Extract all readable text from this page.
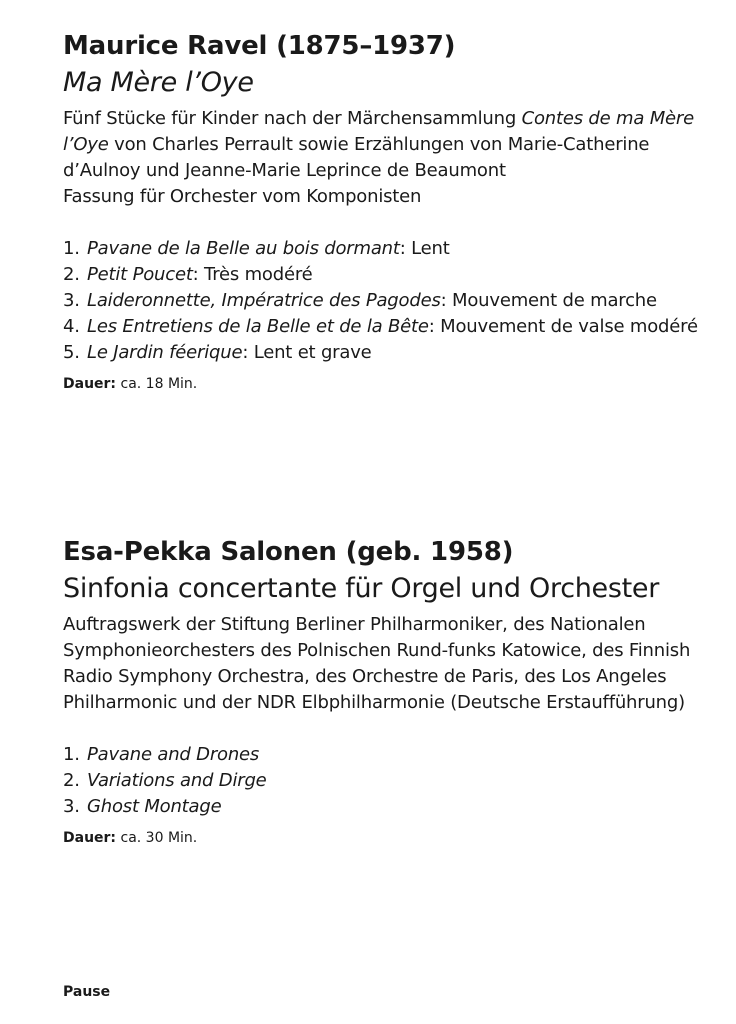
Maurice Ravel (1875–1937)
Ma Mère l’Oye

Fünf Stücke für Kinder nach der Märchensammlung Contes de ma Mère l’Oye von Charles Perrault sowie Erzählungen von Marie-Catherine d’Aulnoy und Jeanne-Marie Leprince de Beaumont
Fassung für Orchester vom Komponisten

1. Pavane de la Belle au bois dormant: Lent
2. Petit Poucet: Très modéré
3. Laideronnette, Impératrice des Pagodes: Mouvement de marche
4. Les Entretiens de la Belle et de la Bête: Mouvement de valse modéré
5. Le Jardin féerique: Lent et grave

Dauer: ca. 18 Min.

Esa-Pekka Salonen (geb. 1958)
Sinfonia concertante für Orgel und Orchester

Auftragswerk der Stiftung Berliner Philharmoniker, des Nationalen Symphonieorchesters des Polnischen Rund-funks Katowice, des Finnish Radio Symphony Orchestra, des Orchestre de Paris, des Los Angeles Philharmonic und der NDR Elbphilharmonie (Deutsche Erstaufführung)

1. Pavane and Drones
2. Variations and Dirge
3. Ghost Montage

Dauer: ca. 30 Min.

Pause
